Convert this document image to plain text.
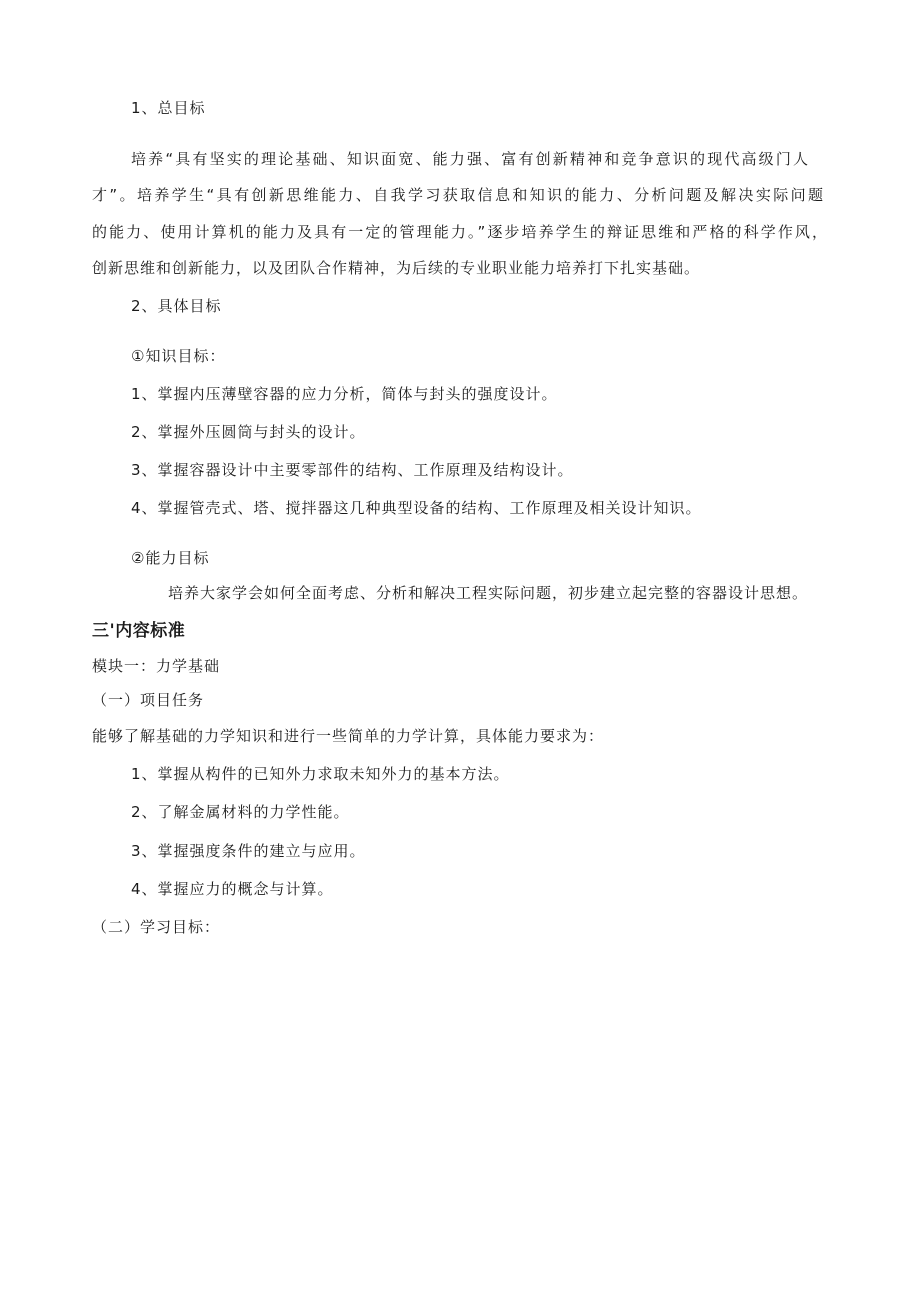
1、总目标
培养“具有坚实的理论基础、知识面宽、能力强、富有创新精神和竞争意识的现代高级门人
才”。培养学生“具有创新思维能力、自我学习获取信息和知识的能力、分析问题及解决实际问题
的能力、使用计算机的能力及具有一定的管理能力。”逐步培养学生的辩证思维和严格的科学作风，
创新思维和创新能力，以及团队合作精神，为后续的专业职业能力培养打下扎实基础。
2、具体目标
①知识目标：
1、掌握内压薄壁容器的应力分析，简体与封头的强度设计。
2、掌握外压圆筒与封头的设计。
3、掌握容器设计中主要零部件的结构、工作原理及结构设计。
4、掌握管壳式、塔、搅拌器这几种典型设备的结构、工作原理及相关设计知识。
②能力目标
培养大家学会如何全面考虑、分析和解决工程实际问题，初步建立起完整的容器设计思想。
三'内容标准
模块一：力学基础
（一）项目任务
能够了解基础的力学知识和进行一些简单的力学计算，具体能力要求为：
1、掌握从构件的已知外力求取未知外力的基本方法。
2、了解金属材料的力学性能。
3、掌握强度条件的建立与应用。
4、掌握应力的概念与计算。
（二）学习目标：
